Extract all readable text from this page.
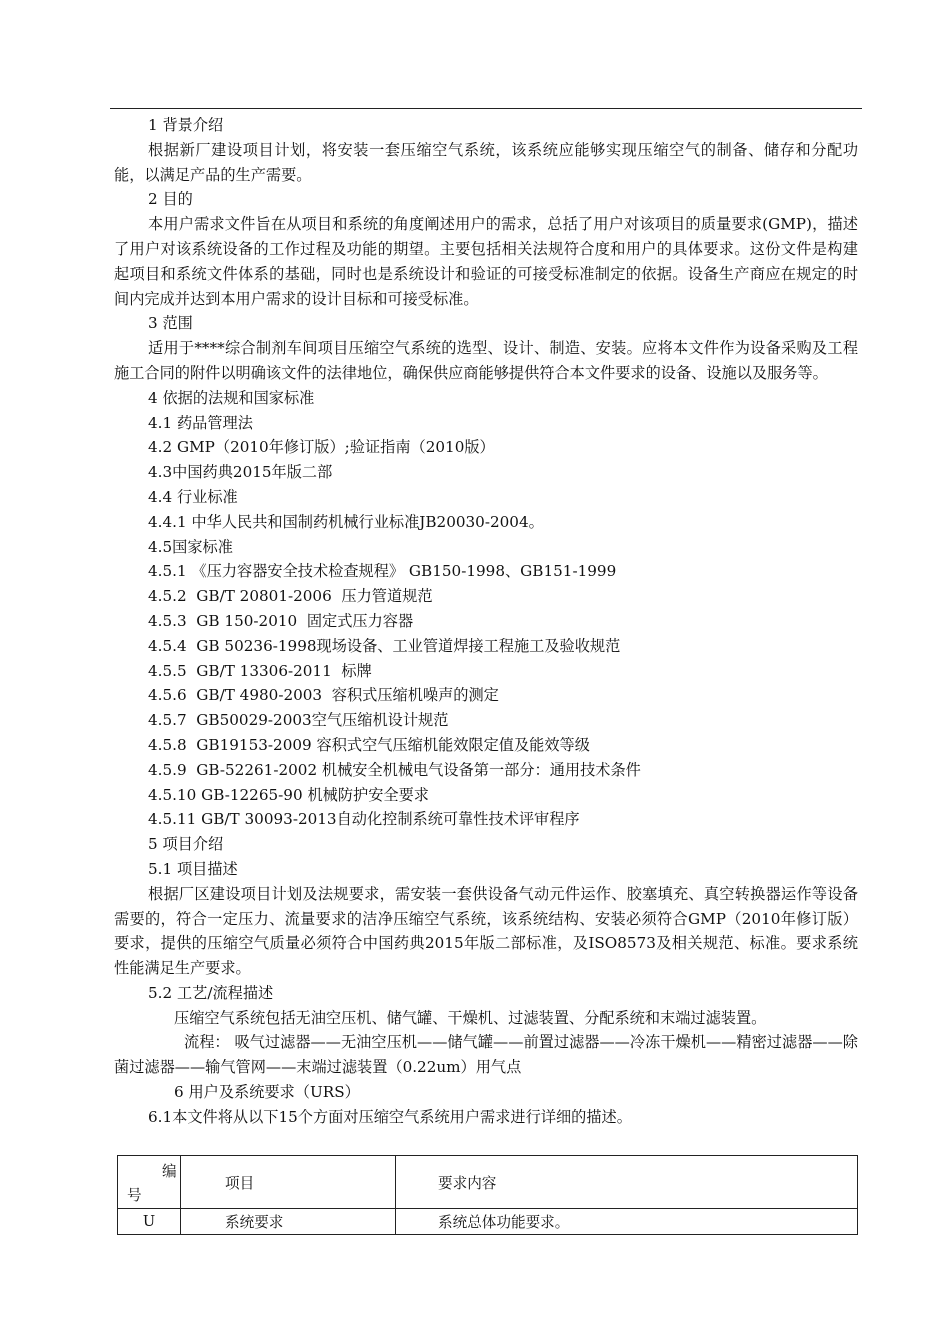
1 背景介绍

根据新厂建设项目计划，将安装一套压缩空气系统，该系统应能够实现压缩空气的制备、储存和分配功能，以满足产品的生产需要。

2 目的

本用户需求文件旨在从项目和系统的角度阐述用户的需求，总括了用户对该项目的质量要求(GMP)，描述了用户对该系统设备的工作过程及功能的期望。主要包括相关法规符合度和用户的具体要求。这份文件是构建起项目和系统文件体系的基础，同时也是系统设计和验证的可接受标准制定的依据。设备生产商应在规定的时间内完成并达到本用户需求的设计目标和可接受标准。

3 范围

适用于****综合制剂车间项目压缩空气系统的选型、设计、制造、安装。应将本文件作为设备采购及工程施工合同的附件以明确该文件的法律地位，确保供应商能够提供符合本文件要求的设备、设施以及服务等。

4 依据的法规和国家标准

4.1 药品管理法

4.2 GMP（2010年修订版）;验证指南（2010版）

4.3中国药典2015年版二部

4.4 行业标准

4.4.1 中华人民共和国制药机械行业标准JB20030-2004。

4.5国家标准

4.5.1 《压力容器安全技术检查规程》 GB150-1998、GB151-1999

4.5.2  GB/T 20801-2006  压力管道规范

4.5.3  GB 150-2010  固定式压力容器

4.5.4  GB 50236-1998现场设备、工业管道焊接工程施工及验收规范

4.5.5  GB/T 13306-2011  标牌

4.5.6  GB/T 4980-2003  容积式压缩机噪声的测定

4.5.7  GB50029-2003空气压缩机设计规范

4.5.8  GB19153-2009 容积式空气压缩机能效限定值及能效等级

4.5.9  GB-52261-2002 机械安全机械电气设备第一部分：通用技术条件

4.5.10 GB-12265-90 机械防护安全要求

4.5.11 GB/T 30093-2013自动化控制系统可靠性技术评审程序

5 项目介绍

5.1 项目描述

根据厂区建设项目计划及法规要求，需安装一套供设备气动元件运作、胶塞填充、真空转换器运作等设备需要的，符合一定压力、流量要求的洁净压缩空气系统，该系统结构、安装必须符合GMP（2010年修订版）要求，提供的压缩空气质量必须符合中国药典2015年版二部标准，及ISO8573及相关规范、标准。要求系统性能满足生产要求。

5.2 工艺/流程描述

压缩空气系统包括无油空压机、储气罐、干燥机、过滤装置、分配系统和末端过滤装置。

流程： 吸气过滤器——无油空压机——储气罐——前置过滤器——冷冻干燥机——精密过滤器——除菌过滤器——输气管网——末端过滤装置（0.22um）用气点

6 用户及系统要求（URS）

6.1本文件将从以下15个方面对压缩空气系统用户需求进行详细的描述。

编
号	项目	要求内容
U	系统要求	系统总体功能要求。
